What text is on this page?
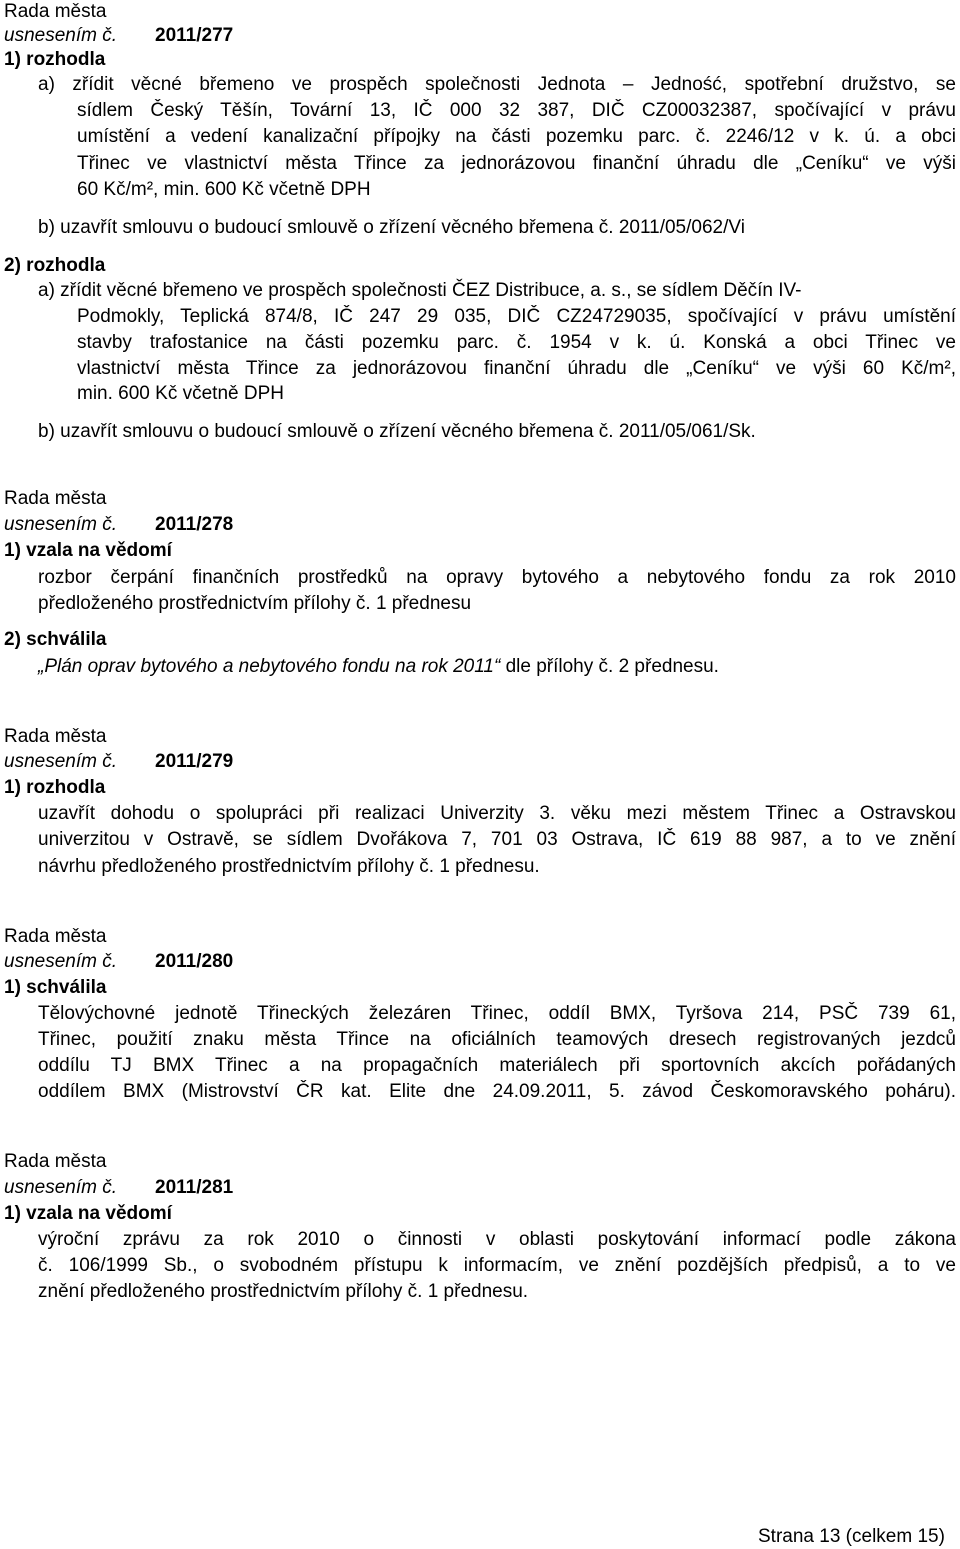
Rada města
usnesením č. 2011/277
1) rozhodla
a) zřídit věcné břemeno ve prospěch společnosti Jednota – Jedność, spotřební družstvo, se
sídlem Český Těšín, Tovární 13, IČ 000 32 387, DIČ CZ00032387, spočívající v právu
umístění a vedení kanalizační přípojky na části pozemku parc. č. 2246/12 v k. ú. a obci
Třinec ve vlastnictví města Třince za jednorázovou finanční úhradu dle „Ceníku“ ve výši
60 Kč/m², min. 600 Kč včetně DPH
b) uzavřít smlouvu o budoucí smlouvě o zřízení věcného břemena č. 2011/05/062/Vi
2) rozhodla
a) zřídit věcné břemeno ve prospěch společnosti ČEZ Distribuce, a. s., se sídlem Děčín IV-
Podmokly, Teplická 874/8, IČ 247 29 035, DIČ CZ24729035, spočívající v právu umístění
stavby trafostanice na části pozemku parc. č. 1954 v k. ú. Konská a obci Třinec ve
vlastnictví města Třince za jednorázovou finanční úhradu dle „Ceníku“ ve výši 60 Kč/m²,
min. 600 Kč včetně DPH
b) uzavřít smlouvu o budoucí smlouvě o zřízení věcného břemena č. 2011/05/061/Sk.
Rada města
usnesením č. 2011/278
1) vzala na vědomí
rozbor čerpání finančních prostředků na opravy bytového a nebytového fondu za rok 2010
předloženého prostřednictvím přílohy č. 1 přednesu
2) schválila
„Plán oprav bytového a nebytového fondu na rok 2011“ dle přílohy č. 2 přednesu.
Rada města
usnesením č. 2011/279
1) rozhodla
uzavřít dohodu o spolupráci při realizaci Univerzity 3. věku mezi městem Třinec a Ostravskou
univerzitou v Ostravě, se sídlem Dvořákova 7, 701 03 Ostrava, IČ 619 88 987, a to ve znění
návrhu předloženého prostřednictvím přílohy č. 1 přednesu.
Rada města
usnesením č. 2011/280
1) schválila
Tělovýchovné jednotě Třineckých železáren Třinec, oddíl BMX, Tyršova 214, PSČ 739 61,
Třinec, použití znaku města Třince na oficiálních teamových dresech registrovaných jezdců
oddílu TJ BMX Třinec a na propagačních materiálech při sportovních akcích pořádaných
oddílem BMX (Mistrovství ČR kat. Elite dne 24.09.2011, 5. závod Českomoravského poháru).
Rada města
usnesením č. 2011/281
1) vzala na vědomí
výroční zprávu za rok 2010 o činnosti v oblasti poskytování informací podle zákona
č. 106/1999 Sb., o svobodném přístupu k informacím, ve znění pozdějších předpisů, a to ve
znění předloženého prostřednictvím přílohy č. 1 přednesu.
Strana 13 (celkem 15)
